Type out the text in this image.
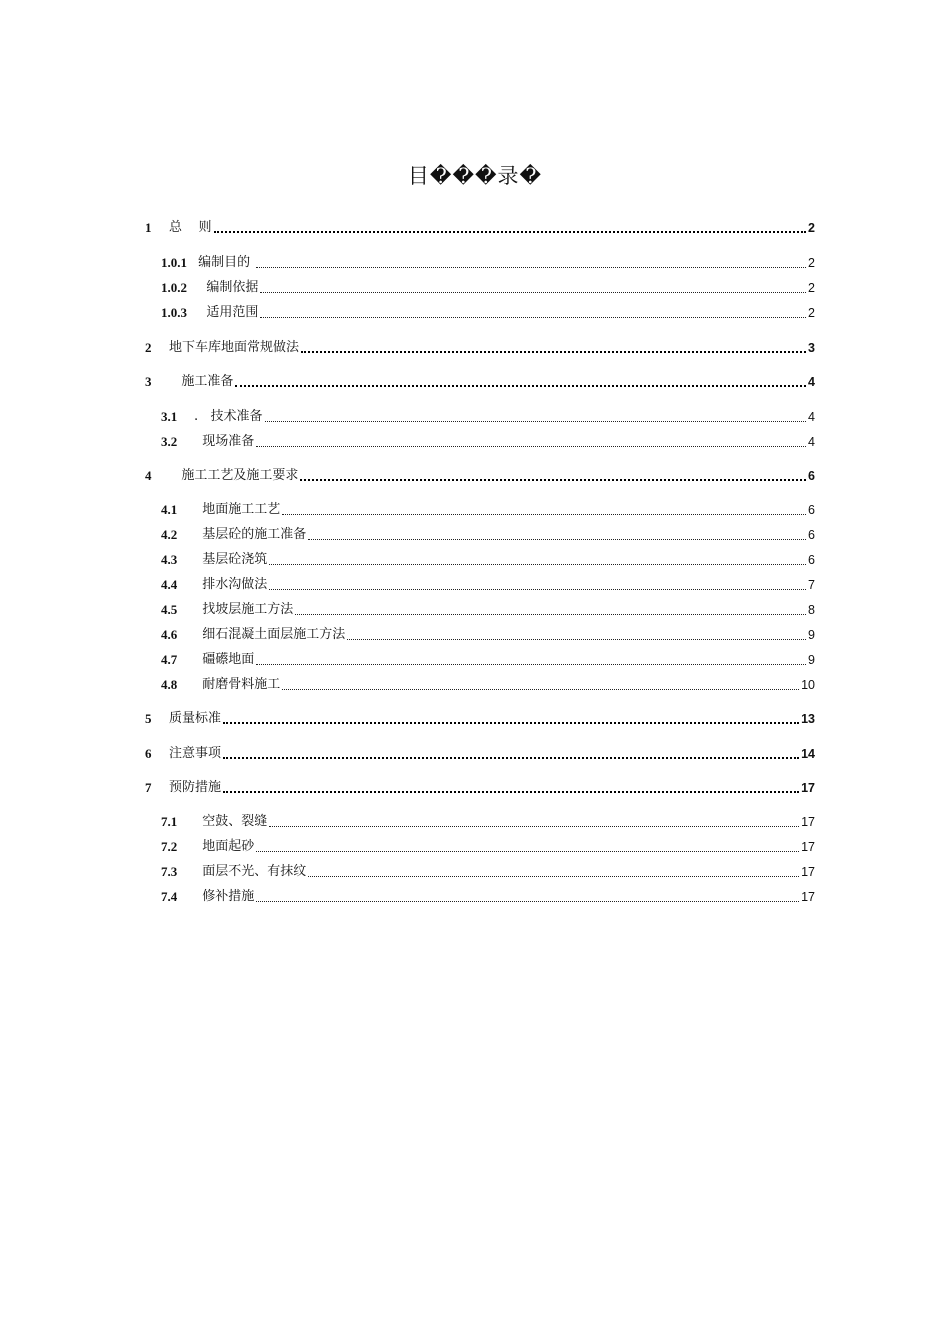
目���录�
1	总    则	2
1.0.1 编制目的	2
1.0.2 编制依据	2
1.0.3 适用范围	2
2	地下车库地面常规做法	3
3	施工准备	4
3.1	.   技术准备	4
3.2	现场准备	4
4	施工工艺及施工要求	6
4.1	地面施工工艺	6
4.2	基层砼的施工准备	6
4.3	基层砼浇筑	6
4.4	排水沟做法	7
4.5	找坡层施工方法	8
4.6	细石混凝土面层施工方法	9
4.7	礓礤地面	9
4.8	耐磨骨料施工	10
5	质量标准	13
6	注意事项	14
7	预防措施	17
7.1	空鼓、裂缝	17
7.2	地面起砂	17
7.3	面层不光、有抹纹	17
7.4	修补措施	17
